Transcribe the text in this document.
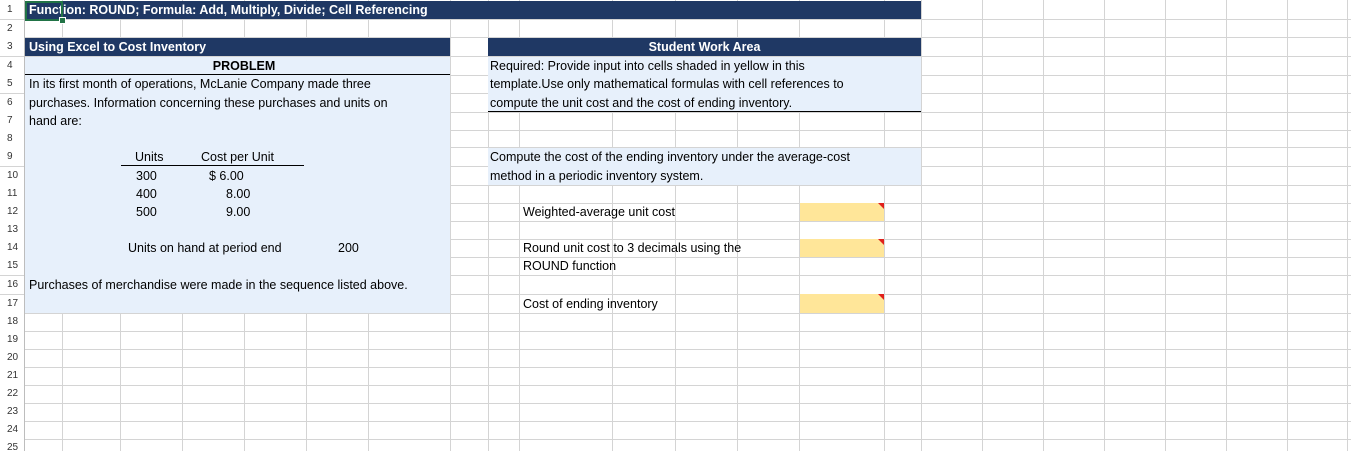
1
2
3
4
5
6
7
8
9
10
11
12
13
14
15
16
17
18
19
20
21
22
23
24
25
Function: ROUND; Formula: Add, Multiply, Divide; Cell Referencing
Using Excel to Cost Inventory
PROBLEM
In its first month of operations, McLanie Company made three
purchases. Information concerning these purchases and units on
hand are:
Units	Cost per Unit
300	$ 6.00
400	8.00
500	9.00
Units on hand at period end	200
Purchases of merchandise were made in the sequence listed above.
Student Work Area
Required: Provide input into cells shaded in yellow in this
template.Use only mathematical formulas with cell references to
compute the unit cost and the cost of ending inventory.
Compute the cost of the ending inventory under the average-cost
method in a periodic inventory system.
Weighted-average unit cost
Round unit cost to 3 decimals using the
ROUND function
Cost of ending inventory
